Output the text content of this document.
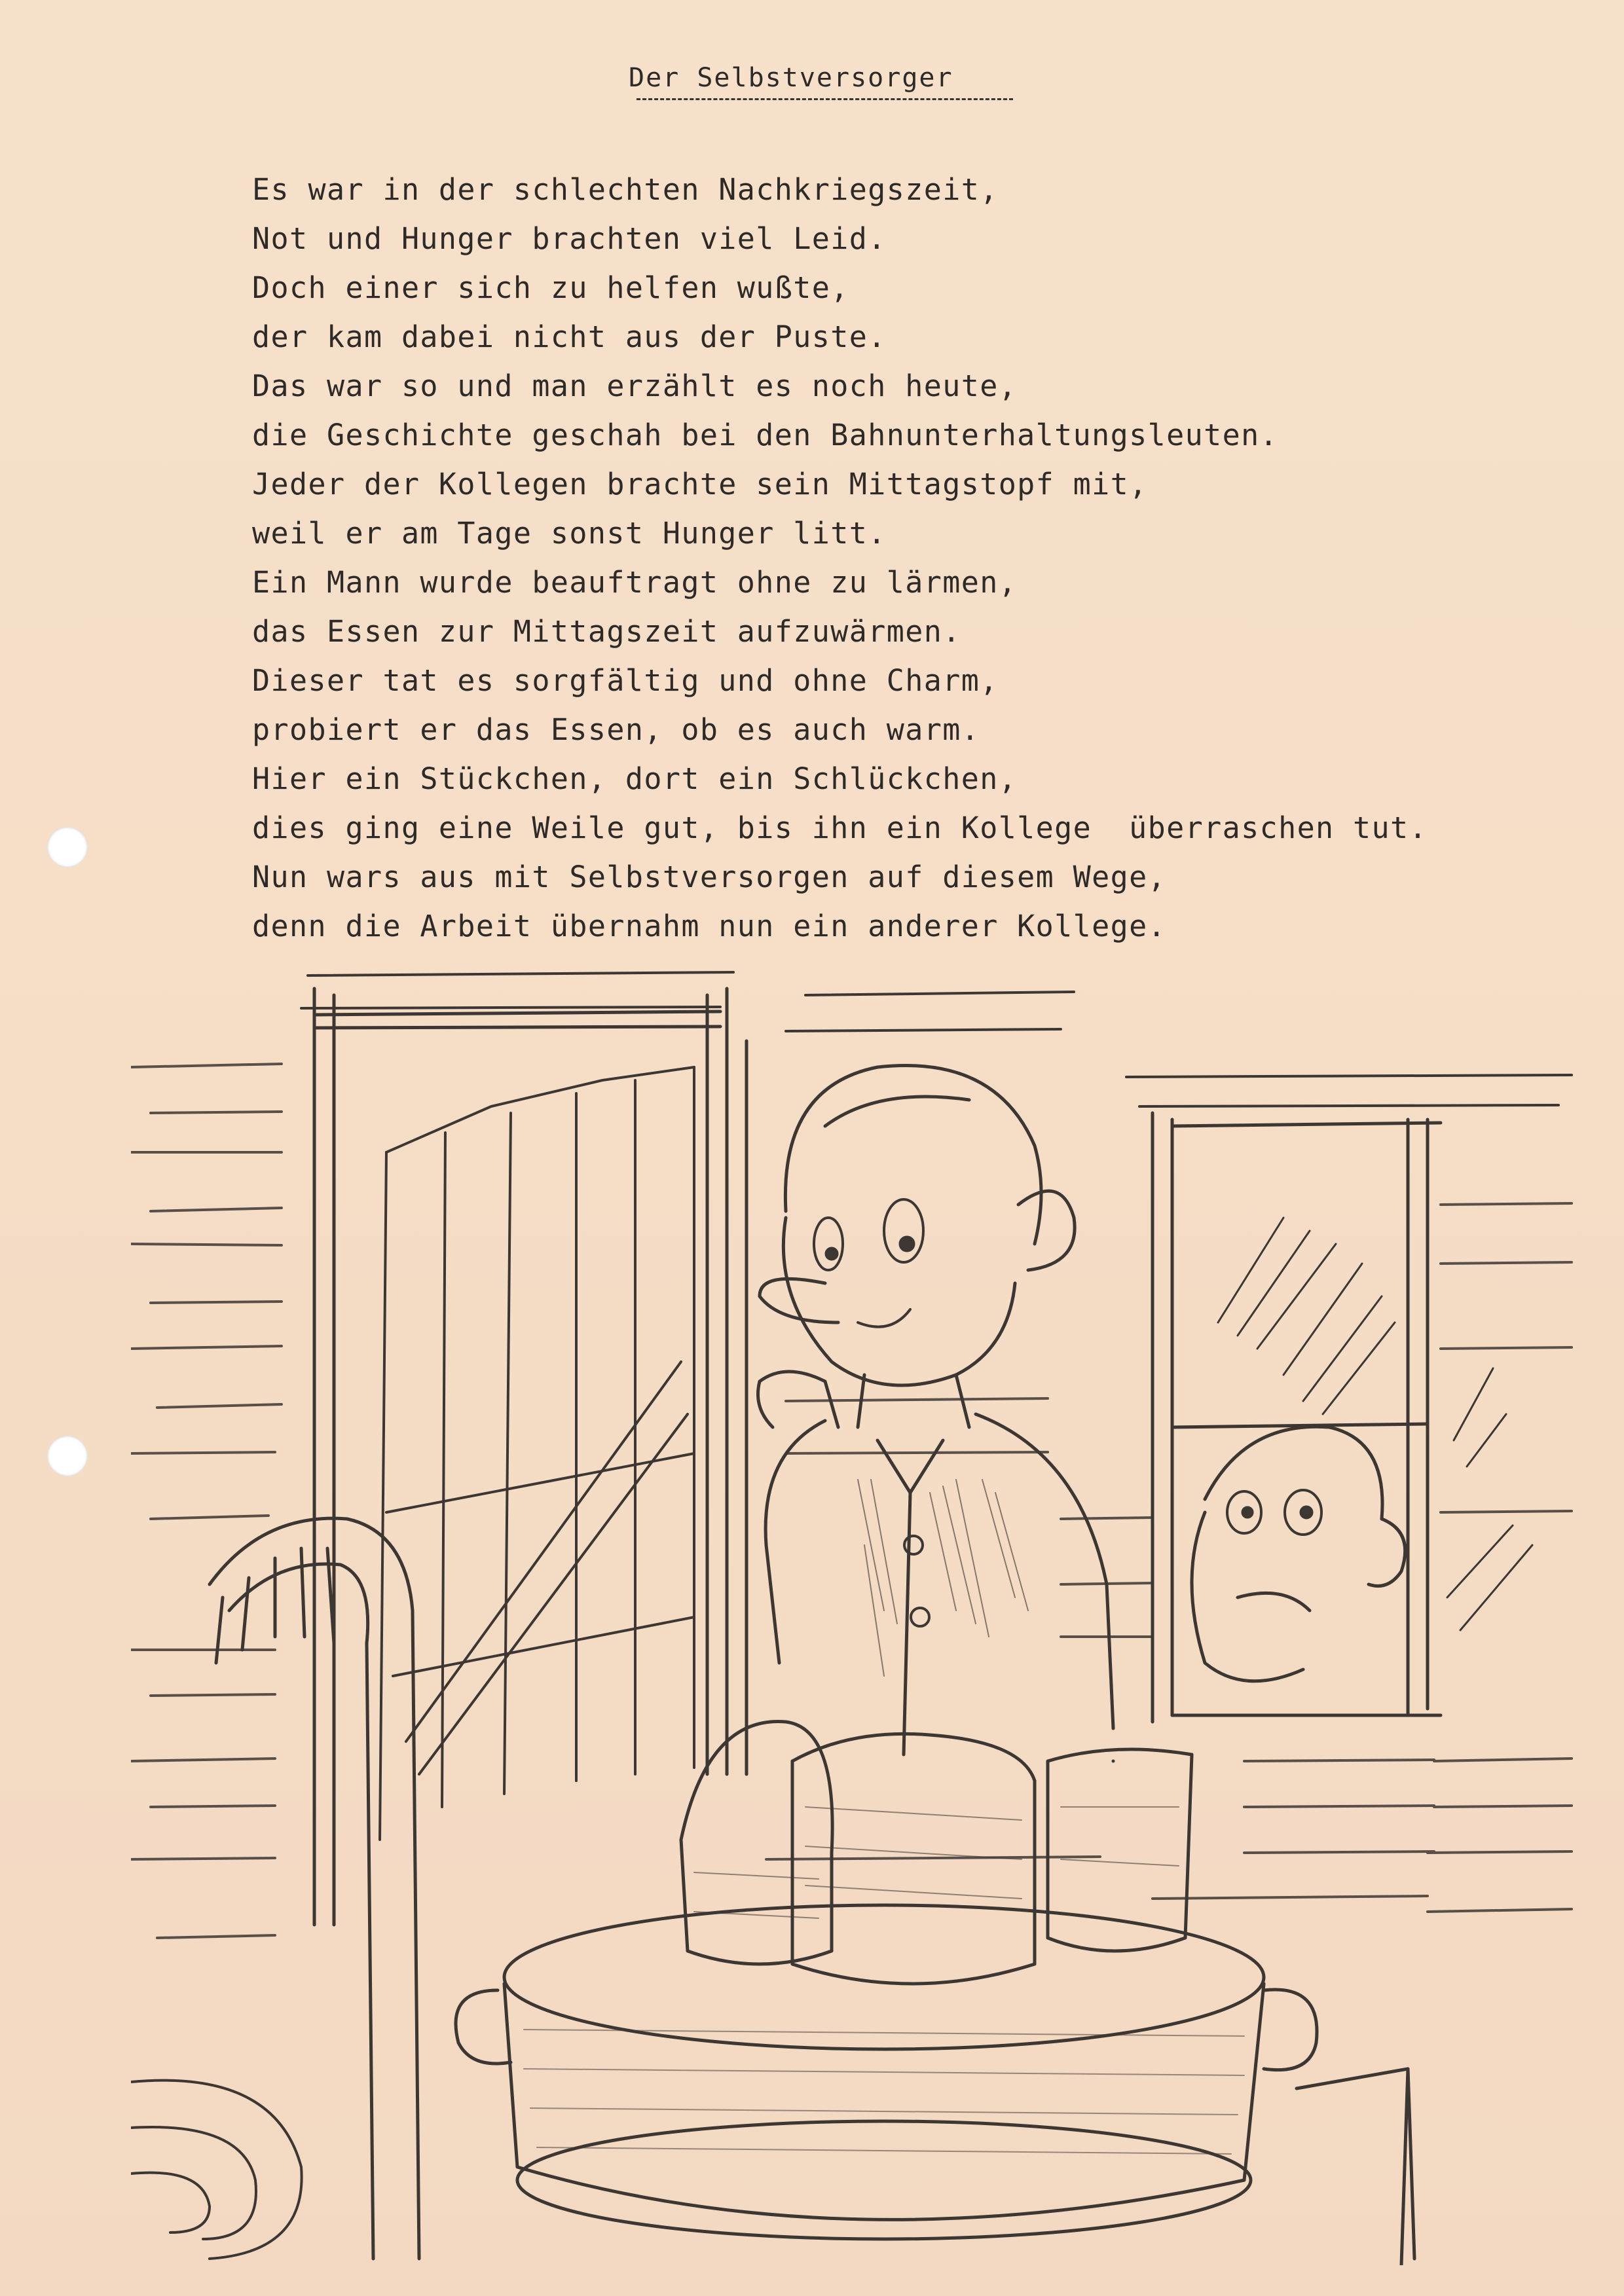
Der Selbstversorger
Es war in der schlechten Nachkriegszeit,
Not und Hunger brachten viel Leid.
Doch einer sich zu helfen wußte,
der kam dabei nicht aus der Puste.
Das war so und man erzählt es noch heute,
die Geschichte geschah bei den Bahnunterhaltungsleuten.
Jeder der Kollegen brachte sein Mittagstopf mit,
weil er am Tage sonst Hunger litt.
Ein Mann wurde beauftragt ohne zu lärmen,
das Essen zur Mittagszeit aufzuwärmen.
Dieser tat es sorgfältig und ohne Charm,
probiert er das Essen, ob es auch warm.
Hier ein Stückchen, dort ein Schlückchen,
dies ging eine Weile gut, bis ihn ein Kollege  überraschen tut.
Nun wars aus mit Selbstversorgen auf diesem Wege,
denn die Arbeit übernahm nun ein anderer Kollege.
